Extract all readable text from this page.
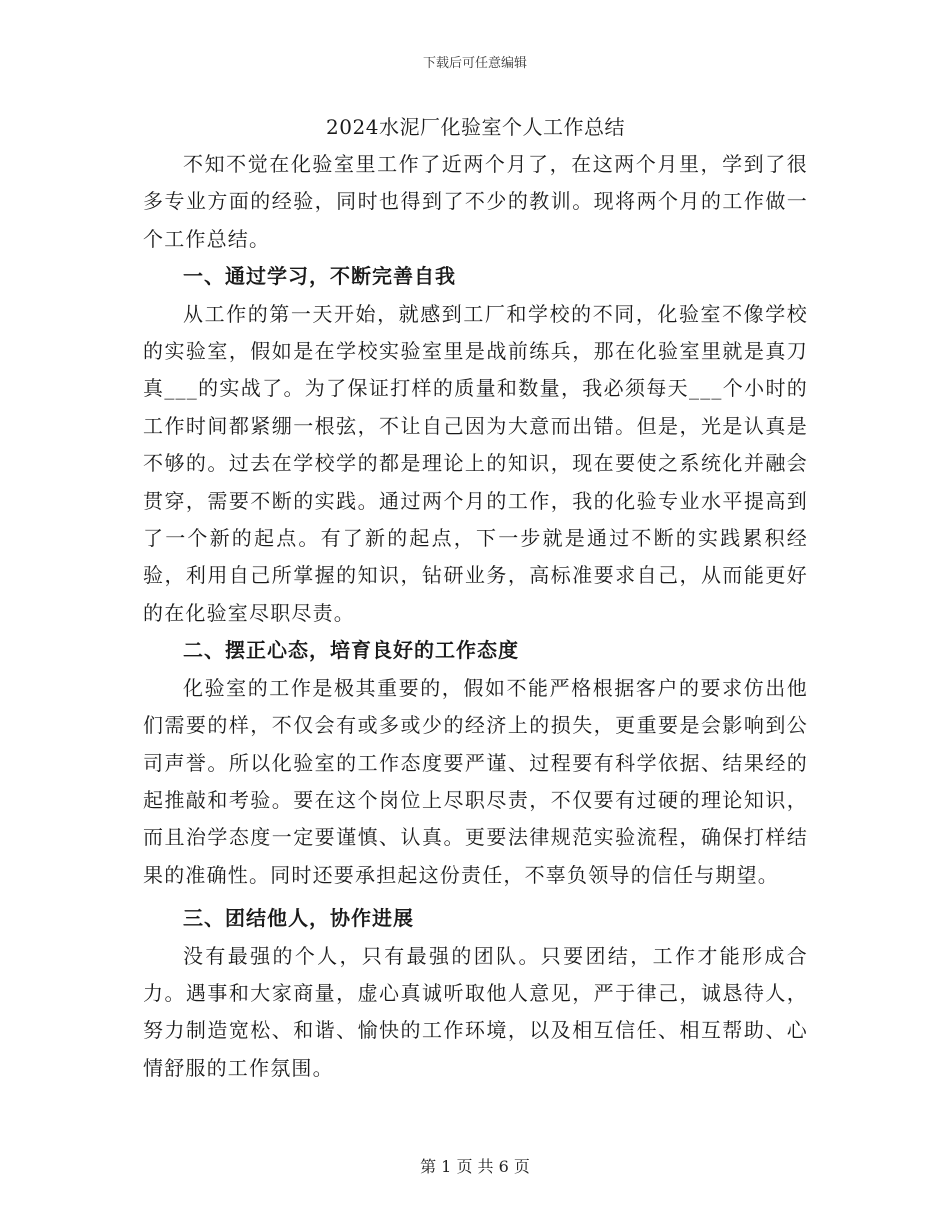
下载后可任意编辑
2024水泥厂化验室个人工作总结

不知不觉在化验室里工作了近两个月了，在这两个月里，学到了很多专业方面的经验，同时也得到了不少的教训。现将两个月的工作做一个工作总结。

一、通过学习，不断完善自我

从工作的第一天开始，就感到工厂和学校的不同，化验室不像学校的实验室，假如是在学校实验室里是战前练兵，那在化验室里就是真刀真___的实战了。为了保证打样的质量和数量，我必须每天___个小时的工作时间都紧绷一根弦，不让自己因为大意而出错。但是，光是认真是不够的。过去在学校学的都是理论上的知识，现在要使之系统化并融会贯穿，需要不断的实践。通过两个月的工作，我的化验专业水平提高到了一个新的起点。有了新的起点，下一步就是通过不断的实践累积经验，利用自己所掌握的知识，钻研业务，高标准要求自己，从而能更好的在化验室尽职尽责。

二、摆正心态，培育良好的工作态度

化验室的工作是极其重要的，假如不能严格根据客户的要求仿出他们需要的样，不仅会有或多或少的经济上的损失，更重要是会影响到公司声誉。所以化验室的工作态度要严谨、过程要有科学依据、结果经的起推敲和考验。要在这个岗位上尽职尽责，不仅要有过硬的理论知识，而且治学态度一定要谨慎、认真。更要法律规范实验流程，确保打样结果的准确性。同时还要承担起这份责任，不辜负领导的信任与期望。

三、团结他人，协作进展

没有最强的个人，只有最强的团队。只要团结，工作才能形成合力。遇事和大家商量，虚心真诚听取他人意见，严于律己，诚恳待人，努力制造宽松、和谐、愉快的工作环境，以及相互信任、相互帮助、心情舒服的工作氛围。

第 1 页 共 6 页
